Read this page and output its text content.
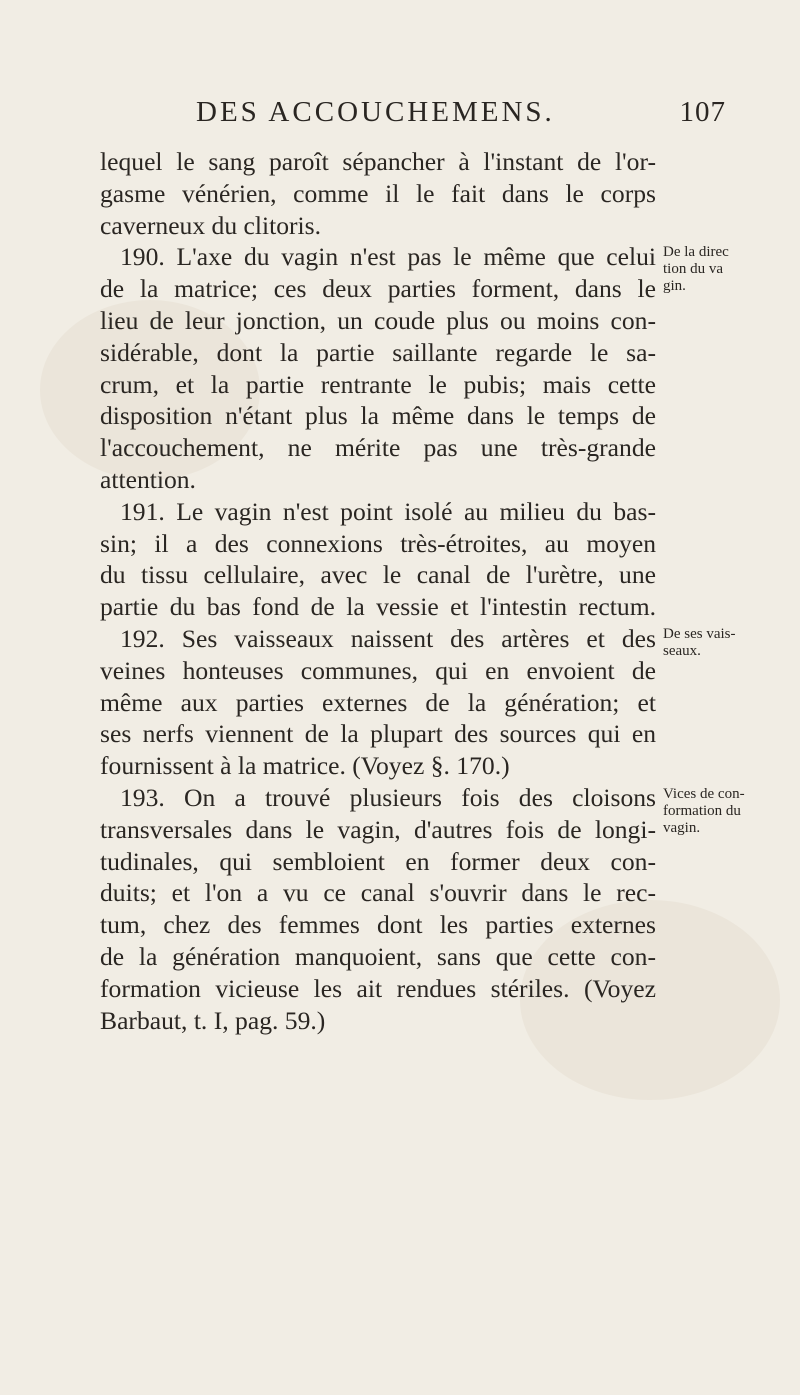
DES ACCOUCHEMENS.	107
lequel le sang paroît sépancher à l'instant de l'or-
gasme vénérien, comme il le fait dans le corps
caverneux du clitoris.
190. L'axe du vagin n'est pas le même que celui
de la matrice; ces deux parties forment, dans le
lieu de leur jonction, un coude plus ou moins con-
sidérable, dont la partie saillante regarde le sa-
crum, et la partie rentrante le pubis; mais cette
disposition n'étant plus la même dans le temps de
l'accouchement, ne mérite pas une très-grande
attention.
191. Le vagin n'est point isolé au milieu du bas-
sin; il a des connexions très-étroites, au moyen
du tissu cellulaire, avec le canal de l'urètre, une
partie du bas fond de la vessie et l'intestin rectum.
192. Ses vaisseaux naissent des artères et des
veines honteuses communes, qui en envoient de
même aux parties externes de la génération; et
ses nerfs viennent de la plupart des sources qui en
fournissent à la matrice. (Voyez §. 170.)
193. On a trouvé plusieurs fois des cloisons
transversales dans le vagin, d'autres fois de longi-
tudinales, qui sembloient en former deux con-
duits; et l'on a vu ce canal s'ouvrir dans le rec-
tum, chez des femmes dont les parties externes
de la génération manquoient, sans que cette con-
formation vicieuse les ait rendues stériles. (Voyez
Barbaut, t. I, pag. 59.)
De la direc
tion du va
gin.
De ses vais-
seaux.
Vices de con-
formation du
vagin.
